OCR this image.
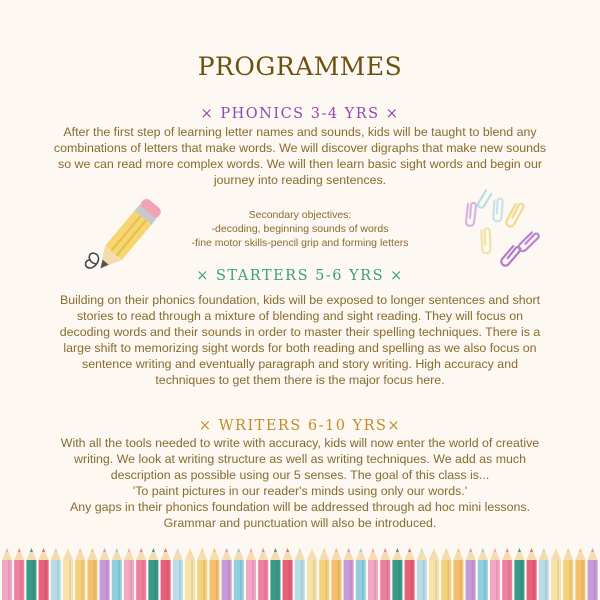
PROGRAMMES
× PHONICS 3-4 YRS ×
After the first step of learning letter names and sounds, kids will be taught to blend any
combinations of letters that make words. We will discover digraphs that make new sounds
so we can read more complex words. We will then learn basic sight words and begin our
journey into reading sentences.
Secondary objectives:
-decoding, beginning sounds of words
-fine motor skills-pencil grip and forming letters
× STARTERS 5-6 YRS ×
Building on their phonics foundation, kids will be exposed to longer sentences and short
stories to read through a mixture of blending and sight reading. They will focus on
decoding words and their sounds in order to master their spelling techniques. There is a
large shift to memorizing sight words for both reading and spelling as we also focus on
sentence writing and eventually paragraph and story writing. High accuracy and
techniques to get them there is the major focus here.
× WRITERS 6-10 YRS×
With all the tools needed to write with accuracy, kids will now enter the world of creative
writing. We look at writing structure as well as writing techniques. We add as much
description as possible using our 5 senses. The goal of this class is...
'To paint pictures in our reader's minds using only our words.'
Any gaps in their phonics foundation will be addressed through ad hoc mini lessons.
Grammar and punctuation will also be introduced.
